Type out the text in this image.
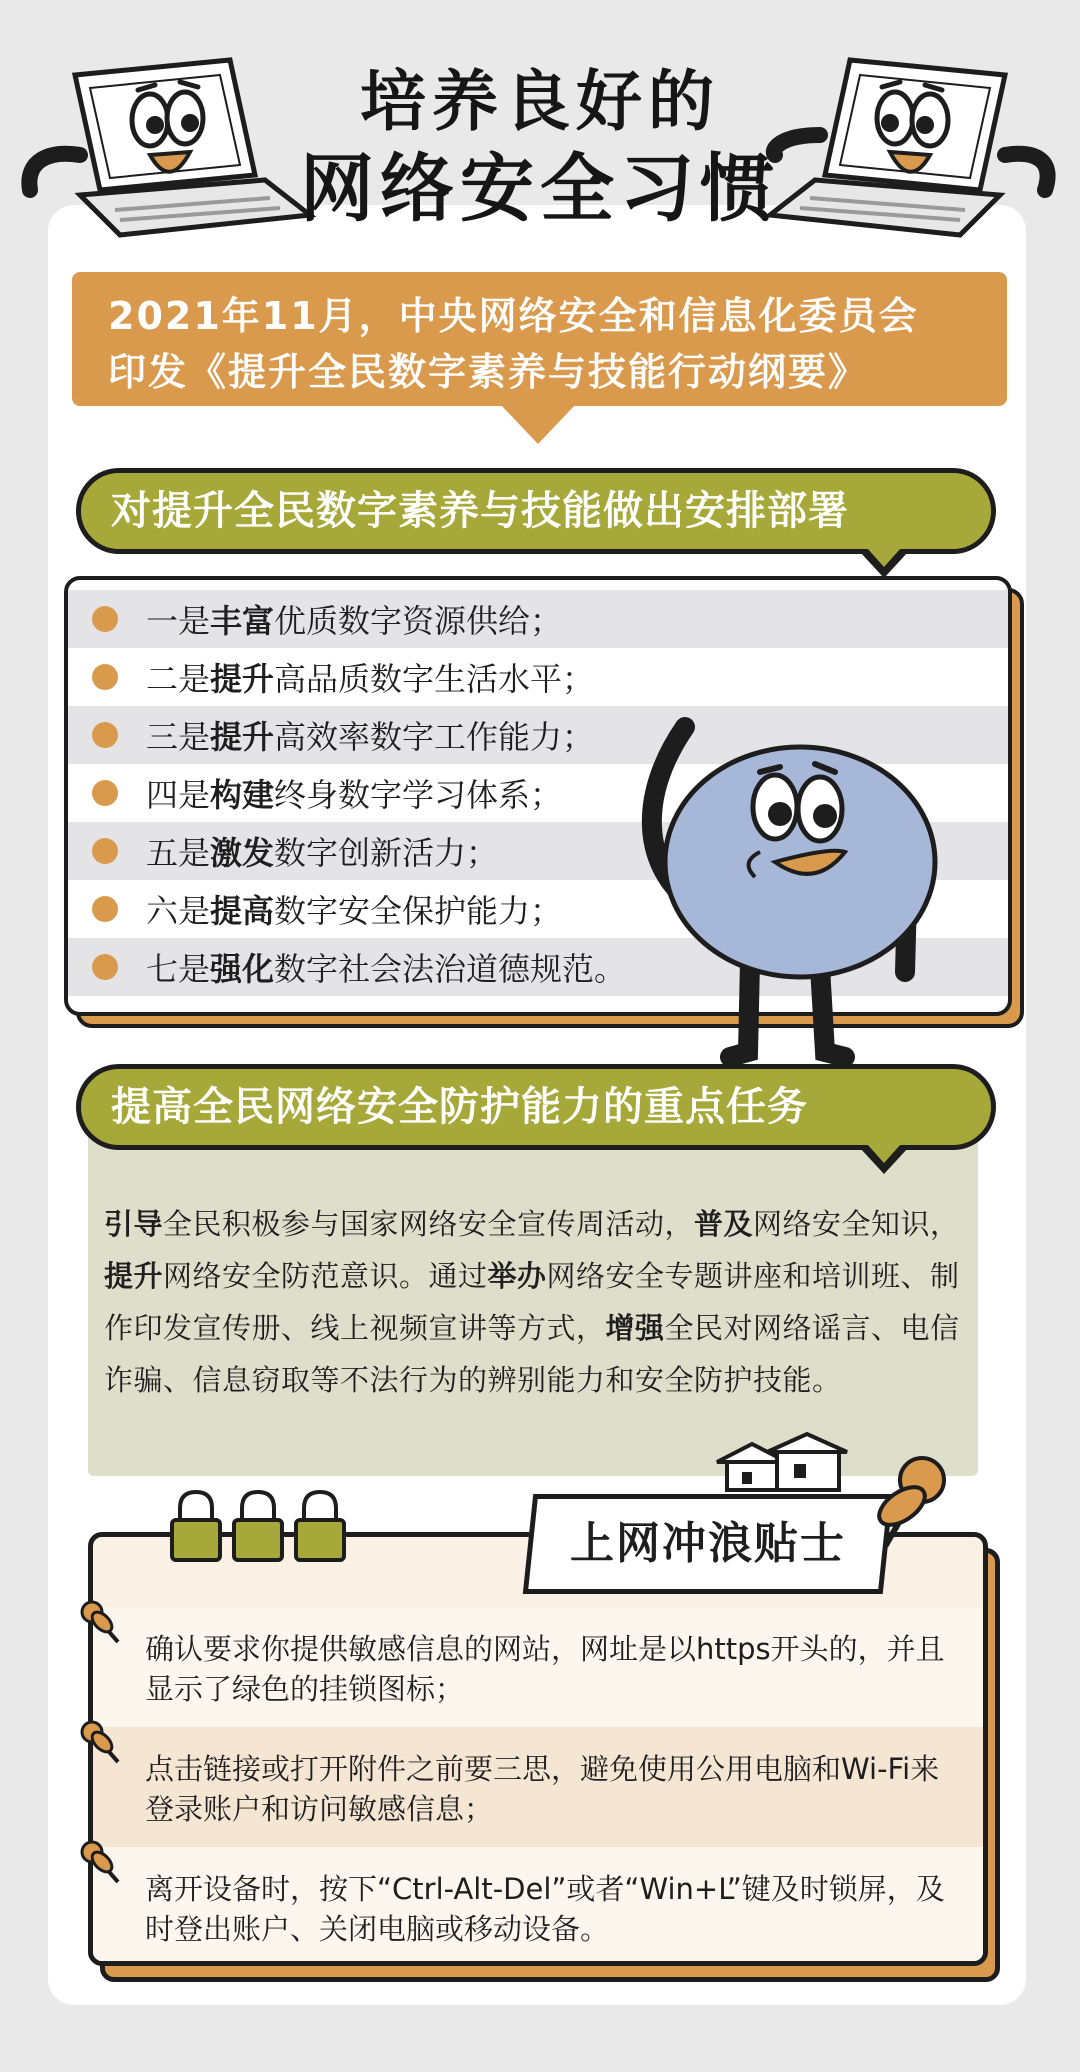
培养良好的
网络安全习惯
2021年11月，中央网络安全和信息化委员会
印发《提升全民数字素养与技能行动纲要》
对提升全民数字素养与技能做出安排部署
一是 丰富 优质数字资源供给；
二是 提升 高品质数字生活水平；
三是 提升 高效率数字工作能力；
四是 构建 终身数字学习体系；
五是 激发 数字创新活力；
六是 提高 数字安全保护能力；
七是 强化 数字社会法治道德规范。
提高全民网络安全防护能力的重点任务
引导全民积极参与国家网络安全宣传周活动，普及网络安全知识，提升网络安全防范意识。通过举办网络安全专题讲座和培训班、制作印发宣传册、线上视频宣讲等方式，增强全民对网络谣言、电信诈骗、信息窃取等不法行为的辨别能力和安全防护技能。
确认要求你提供敏感信息的网站，网址是以https开头的，并且显示了绿色的挂锁图标；
点击链接或打开附件之前要三思，避免使用公用电脑和Wi-Fi来登录账户和访问敏感信息；
离开设备时，按下“Ctrl-Alt-Del”或者“Win+L”键及时锁屏，及时登出账户、关闭电脑或移动设备。
上网冲浪贴士
